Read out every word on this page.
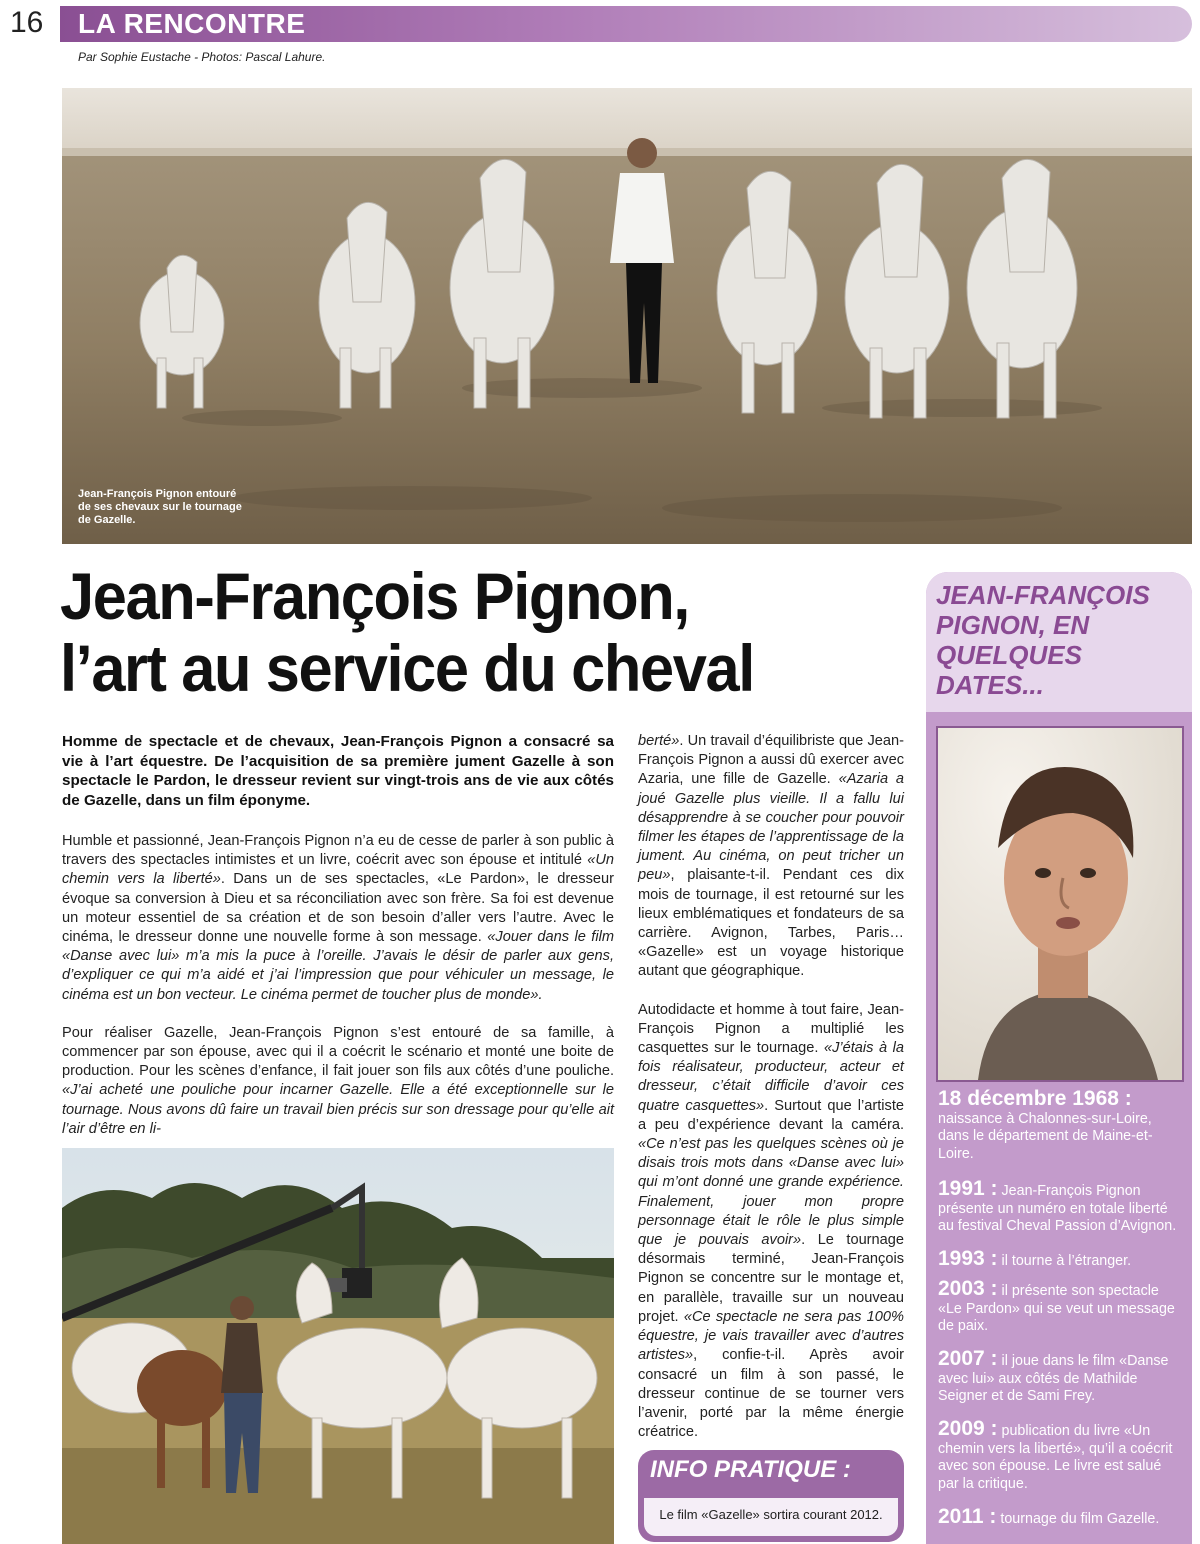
16 LA RENCONTRE
Par Sophie Eustache - Photos: Pascal Lahure.
Jean-François Pignon entouré de ses chevaux sur le tournage de Gazelle.
Jean-François Pignon,
l’art au service du cheval
Homme de spectacle et de chevaux, Jean-François Pignon a consacré sa vie à l’art équestre. De l’acquisition de sa première jument Gazelle à son spectacle le Pardon, le dresseur revient sur vingt-trois ans de vie aux côtés de Gazelle, dans un film éponyme.

Humble et passionné, Jean-François Pignon n’a eu de cesse de parler à son public à travers des spectacles intimistes et un livre, coécrit avec son épouse et intitulé «Un chemin vers la liberté». Dans un de ses spectacles, «Le Pardon», le dresseur évoque sa conversion à Dieu et sa réconciliation avec son frère. Sa foi est devenue un moteur essentiel de sa création et de son besoin d’aller vers l’autre. Avec le cinéma, le dresseur donne une nouvelle forme à son message. «Jouer dans le film «Danse avec lui» m’a mis la puce à l’oreille. J’avais le désir de parler aux gens, d’expliquer ce qui m’a aidé et j’ai l’impression que pour véhiculer un message, le cinéma est un bon vecteur. Le cinéma permet de toucher plus de monde».

Pour réaliser Gazelle, Jean-François Pignon s’est entouré de sa famille, à commencer par son épouse, avec qui il a coécrit le scénario et monté une boite de production. Pour les scènes d’enfance, il fait jouer son fils aux côtés d’une pouliche. «J’ai acheté une pouliche pour incarner Gazelle. Elle a été exceptionnelle sur le tournage. Nous avons dû faire un travail bien précis sur son dressage pour qu’elle ait l’air d’être en li-

berté». Un travail d’équilibriste que Jean-François Pignon a aussi dû exercer avec Azaria, une fille de Gazelle. «Azaria a joué Gazelle plus vieille. Il a fallu lui désapprendre à se coucher pour pouvoir filmer les étapes de l’apprentissage de la jument. Au cinéma, on peut tricher un peu», plaisante-t-il. Pendant ces dix mois de tournage, il est retourné sur les lieux emblématiques et fondateurs de sa carrière. Avignon, Tarbes, Paris… «Gazelle» est un voyage historique autant que géographique.

Autodidacte et homme à tout faire, Jean-François Pignon a multiplié les casquettes sur le tournage. «J’étais à la fois réalisateur, producteur, acteur et dresseur, c’était difficile d’avoir ces quatre casquettes». Surtout que l’artiste a peu d’expérience devant la caméra. «Ce n’est pas les quelques scènes où je disais trois mots dans «Danse avec lui» qui m’ont donné une grande expérience. Finalement, jouer mon propre personnage était le rôle le plus simple que je pouvais avoir». Le tournage désormais terminé, Jean-François Pignon se concentre sur le montage et, en parallèle, travaille sur un nouveau projet. «Ce spectacle ne sera pas 100% équestre, je vais travailler avec d’autres artistes», confie-t-il. Après avoir consacré un film à son passé, le dresseur continue de se tourner vers l’avenir, porté par la même énergie créatrice.

INFO PRATIQUE :
Le film «Gazelle» sortira courant 2012.
JEAN-FRANÇOIS PIGNON, EN QUELQUES DATES...
18 décembre 1968 :
naissance à Chalonnes-sur-Loire, dans le département de Maine-et-Loire.
1991 : Jean-François Pignon présente un numéro en totale liberté au festival Cheval Passion d’Avignon.
1993 : il tourne à l’étranger.
2003 : il présente son spectacle «Le Pardon» qui se veut un message de paix.
2007 : il joue dans le film «Danse avec lui» aux côtés de Mathilde Seigner et de Sami Frey.
2009 : publication du livre «Un chemin vers la liberté», qu’il a coécrit avec son épouse. Le livre est salué par la critique.
2011 : tournage du film Gazelle.
